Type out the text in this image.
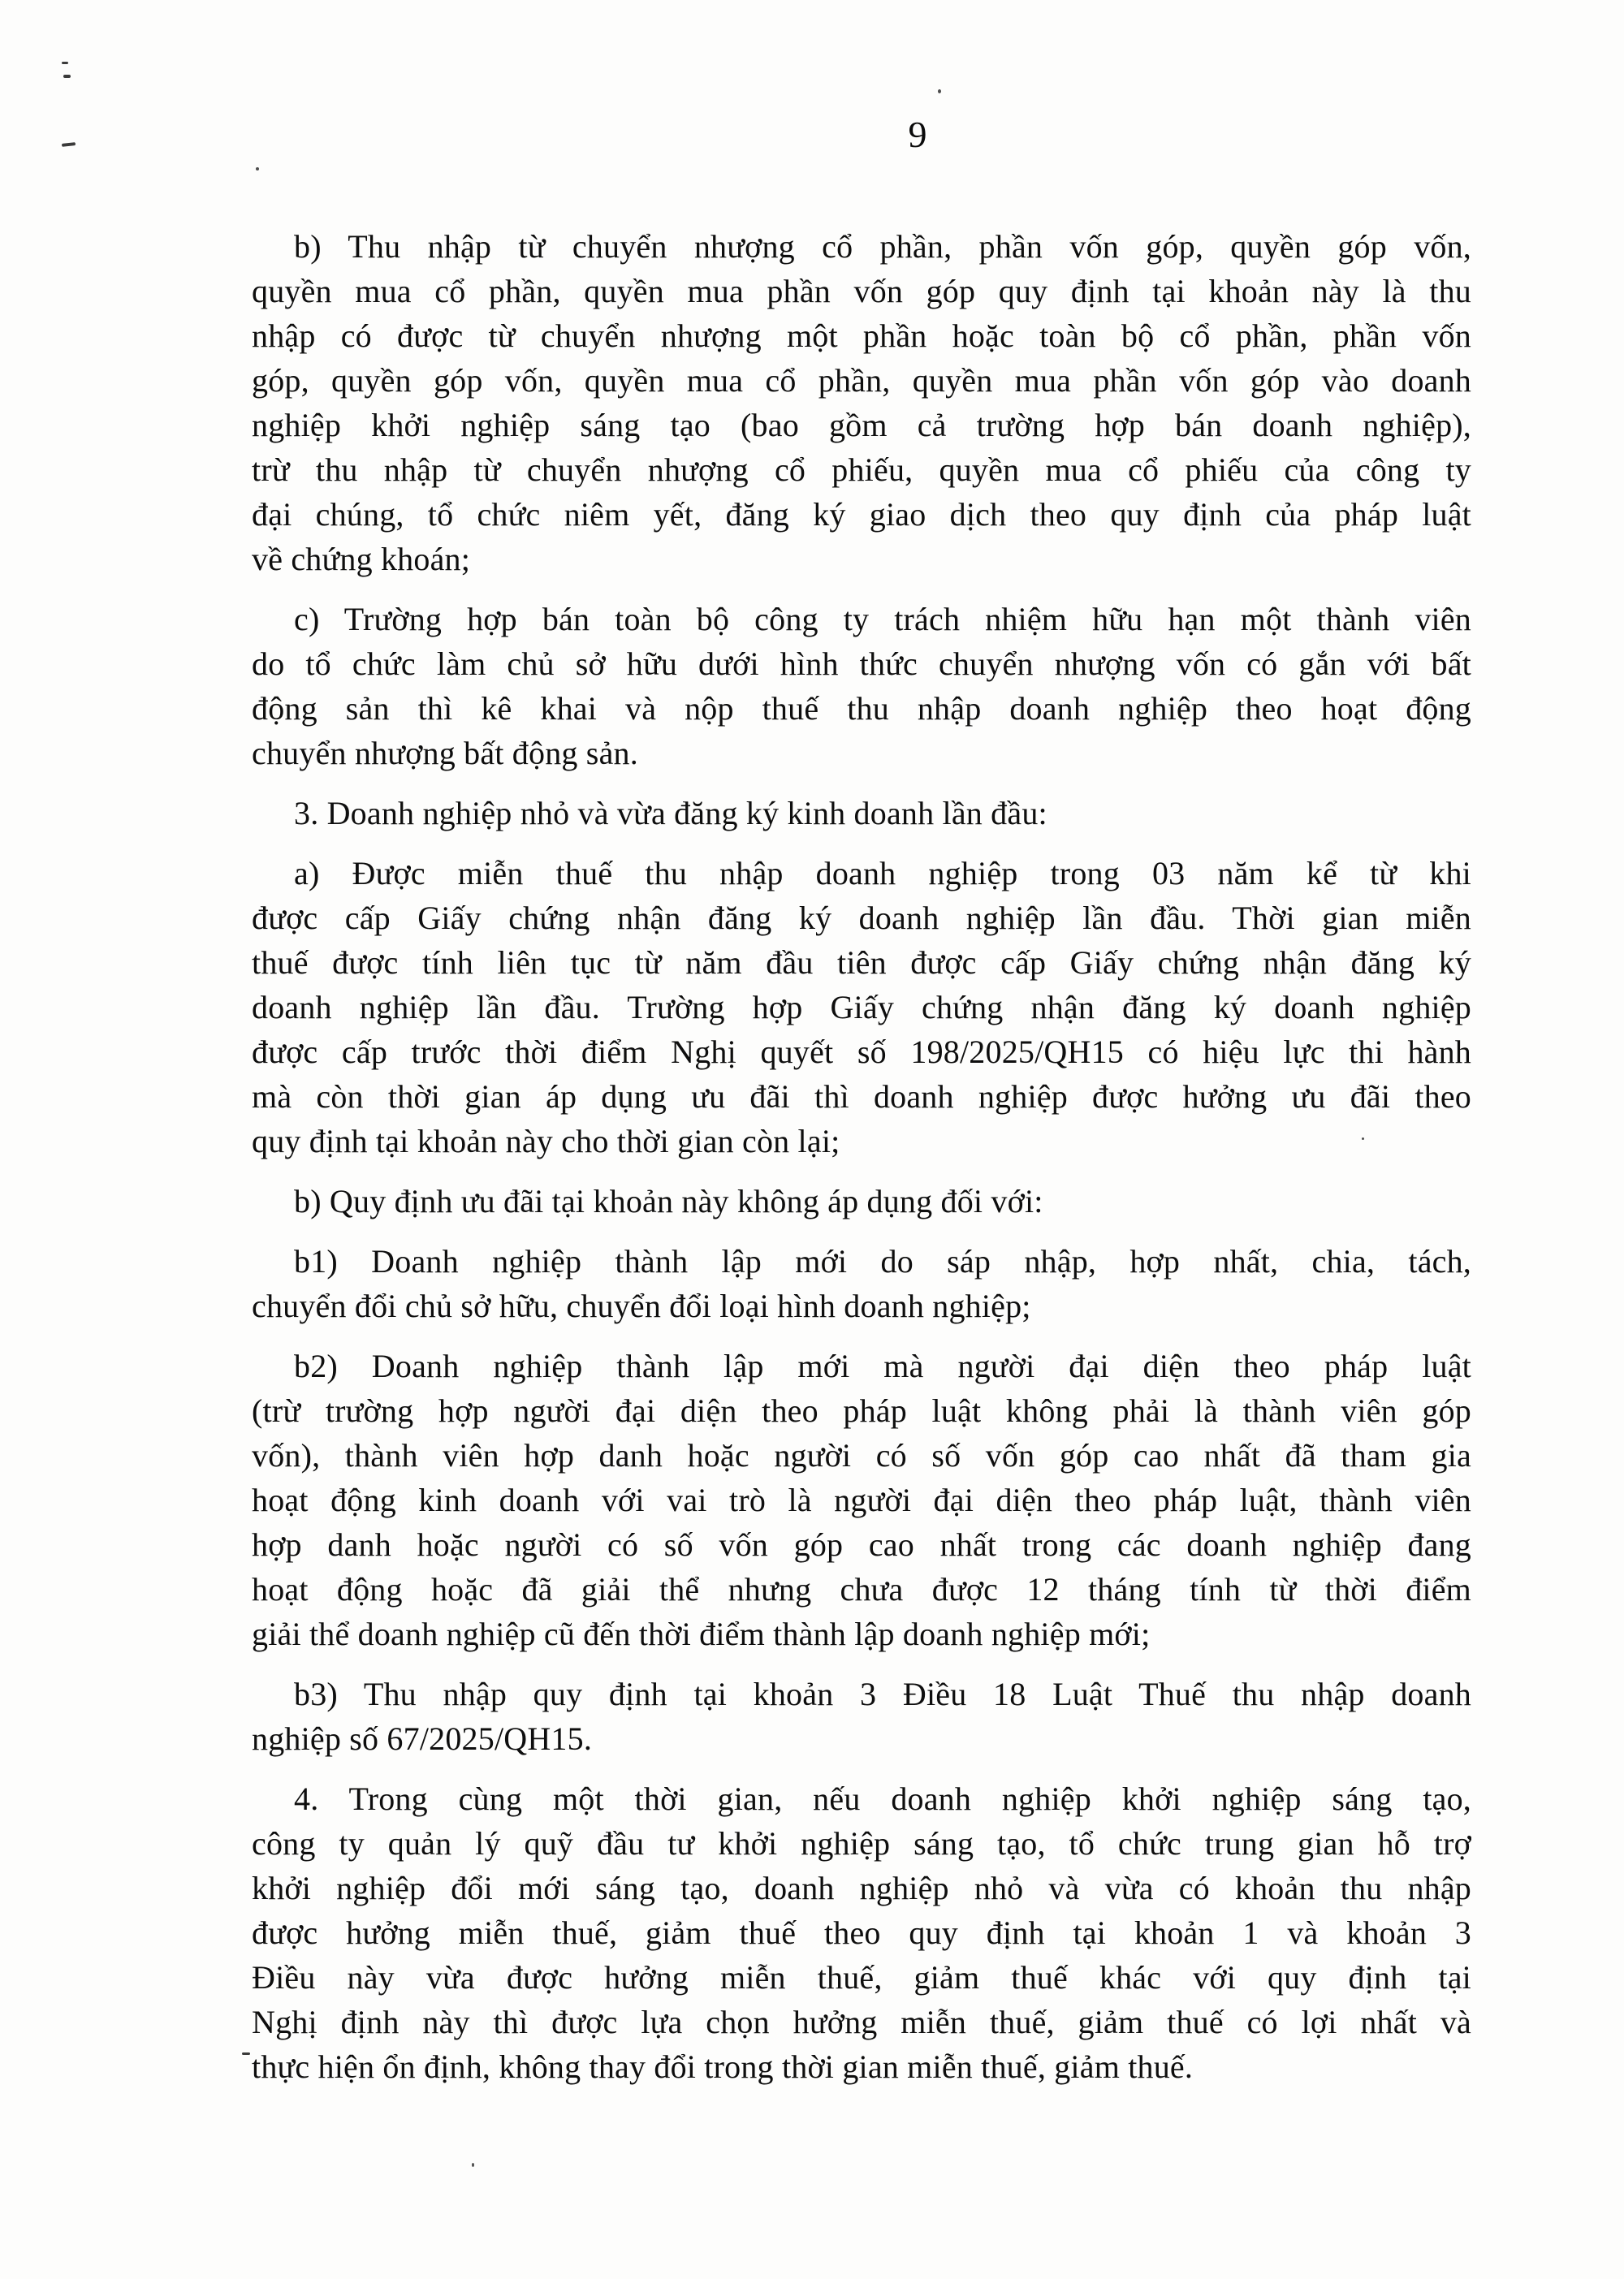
9
b) Thu nhập từ chuyển nhượng cổ phần, phần vốn góp, quyền góp vốn,
quyền mua cổ phần, quyền mua phần vốn góp quy định tại khoản này là thu
nhập có được từ chuyển nhượng một phần hoặc toàn bộ cổ phần, phần vốn
góp, quyền góp vốn, quyền mua cổ phần, quyền mua phần vốn góp vào doanh
nghiệp khởi nghiệp sáng tạo (bao gồm cả trường hợp bán doanh nghiệp),
trừ thu nhập từ chuyển nhượng cổ phiếu, quyền mua cổ phiếu của công ty
đại chúng, tổ chức niêm yết, đăng ký giao dịch theo quy định của pháp luật
về chứng khoán;
c) Trường hợp bán toàn bộ công ty trách nhiệm hữu hạn một thành viên
do tổ chức làm chủ sở hữu dưới hình thức chuyển nhượng vốn có gắn với bất
động sản thì kê khai và nộp thuế thu nhập doanh nghiệp theo hoạt động
chuyển nhượng bất động sản.
3. Doanh nghiệp nhỏ và vừa đăng ký kinh doanh lần đầu:
a) Được miễn thuế thu nhập doanh nghiệp trong 03 năm kể từ khi
được cấp Giấy chứng nhận đăng ký doanh nghiệp lần đầu. Thời gian miễn
thuế được tính liên tục từ năm đầu tiên được cấp Giấy chứng nhận đăng ký
doanh nghiệp lần đầu. Trường hợp Giấy chứng nhận đăng ký doanh nghiệp
được cấp trước thời điểm Nghị quyết số 198/2025/QH15 có hiệu lực thi hành
mà còn thời gian áp dụng ưu đãi thì doanh nghiệp được hưởng ưu đãi theo
quy định tại khoản này cho thời gian còn lại;
b) Quy định ưu đãi tại khoản này không áp dụng đối với:
b1) Doanh nghiệp thành lập mới do sáp nhập, hợp nhất, chia, tách,
chuyển đổi chủ sở hữu, chuyển đổi loại hình doanh nghiệp;
b2) Doanh nghiệp thành lập mới mà người đại diện theo pháp luật
(trừ trường hợp người đại diện theo pháp luật không phải là thành viên góp
vốn), thành viên hợp danh hoặc người có số vốn góp cao nhất đã tham gia
hoạt động kinh doanh với vai trò là người đại diện theo pháp luật, thành viên
hợp danh hoặc người có số vốn góp cao nhất trong các doanh nghiệp đang
hoạt động hoặc đã giải thể nhưng chưa được 12 tháng tính từ thời điểm
giải thể doanh nghiệp cũ đến thời điểm thành lập doanh nghiệp mới;
b3) Thu nhập quy định tại khoản 3 Điều 18 Luật Thuế thu nhập doanh
nghiệp số 67/2025/QH15.
4. Trong cùng một thời gian, nếu doanh nghiệp khởi nghiệp sáng tạo,
công ty quản lý quỹ đầu tư khởi nghiệp sáng tạo, tổ chức trung gian hỗ trợ
khởi nghiệp đổi mới sáng tạo, doanh nghiệp nhỏ và vừa có khoản thu nhập
được hưởng miễn thuế, giảm thuế theo quy định tại khoản 1 và khoản 3
Điều này vừa được hưởng miễn thuế, giảm thuế khác với quy định tại
Nghị định này thì được lựa chọn hưởng miễn thuế, giảm thuế có lợi nhất và
thực hiện ổn định, không thay đổi trong thời gian miễn thuế, giảm thuế.
